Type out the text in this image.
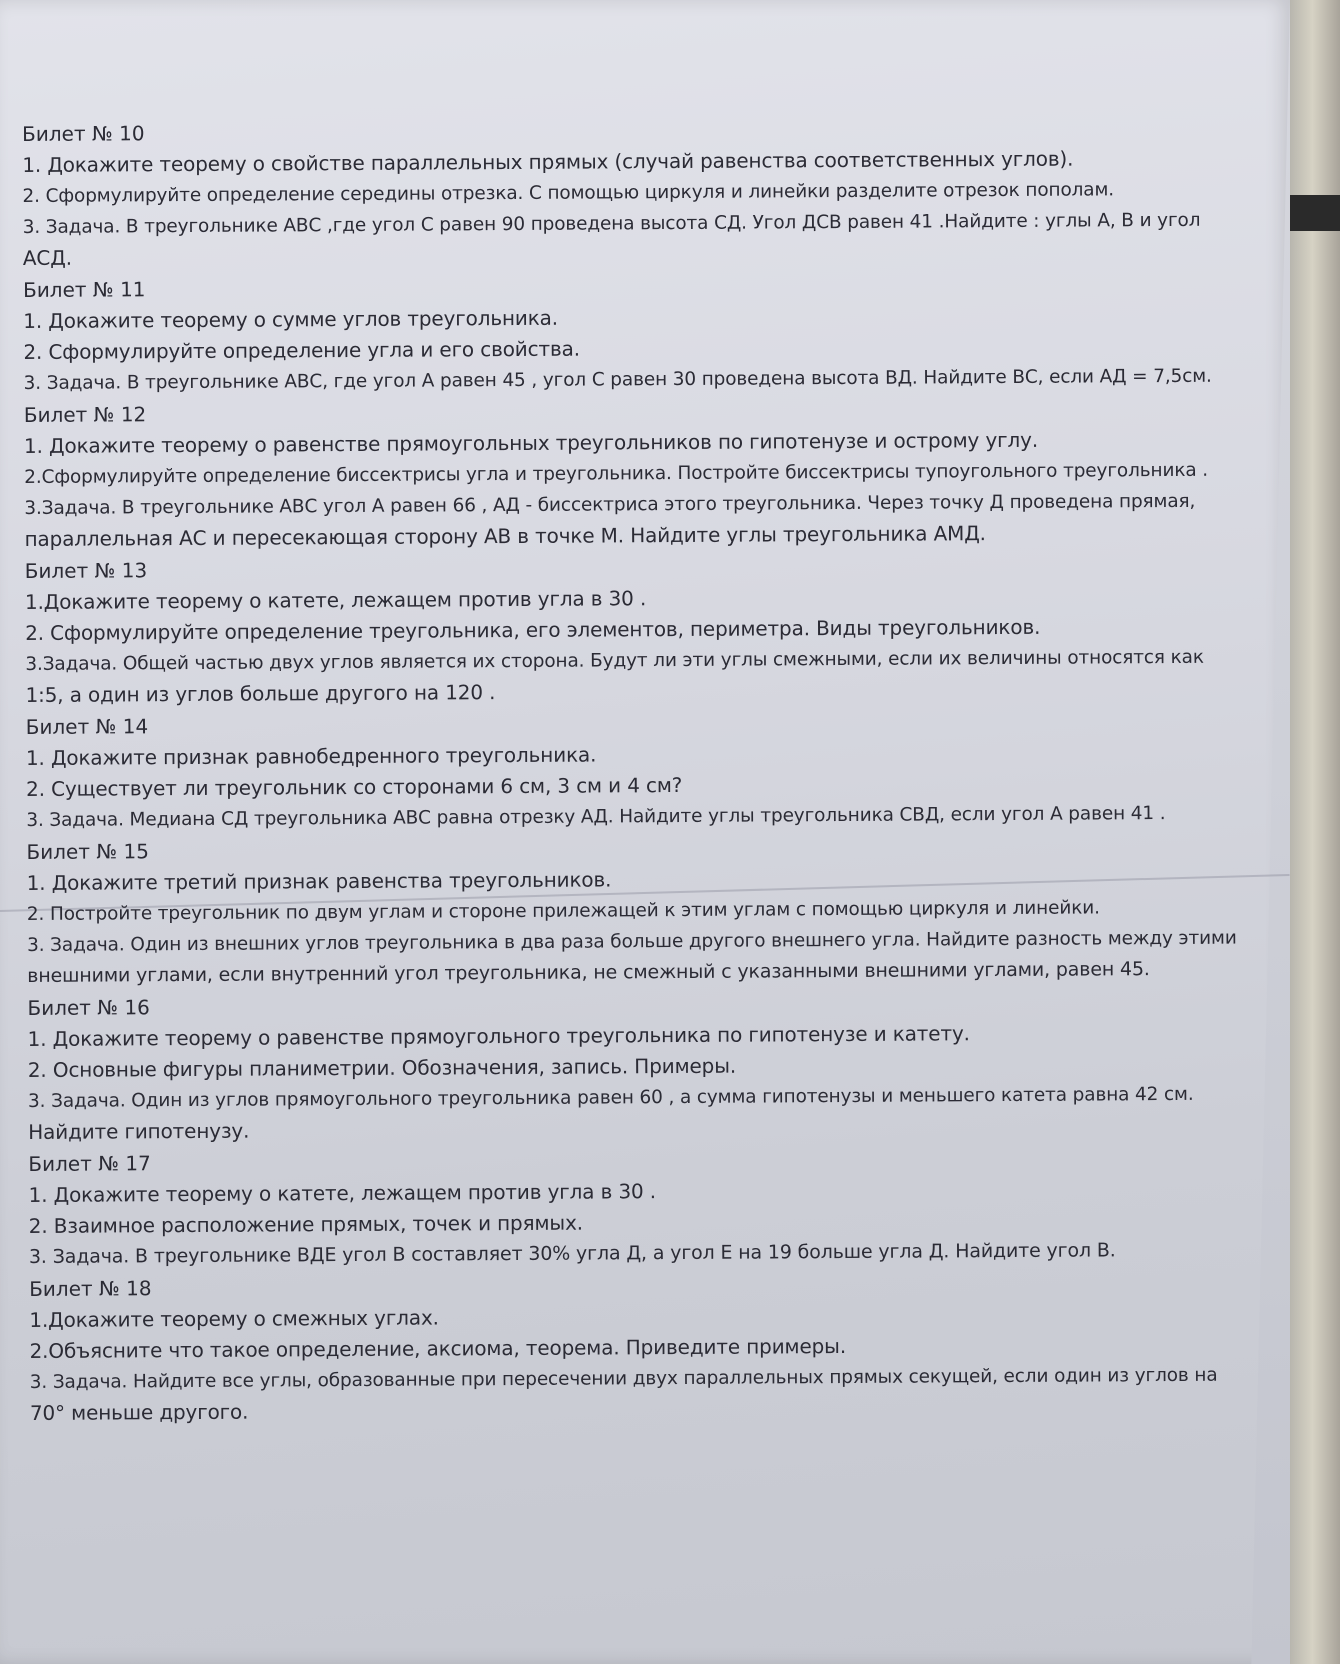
Билет № 10
1. Докажите теорему о свойстве параллельных прямых (случай равенства соответственных углов).
2. Сформулируйте определение середины отрезка. С помощью циркуля и линейки разделите отрезок пополам.
3. Задача. В треугольнике АВС ,где угол С равен 90 проведена высота СД. Угол ДСВ равен 41 .Найдите : углы А, В и угол
АСД.
Билет № 11
1. Докажите теорему о сумме углов треугольника.
2. Сформулируйте определение угла и его свойства.
3. Задача. В треугольнике АВС, где угол А равен 45 , угол С равен 30 проведена высота ВД. Найдите ВС, если АД = 7,5см.
Билет № 12
1. Докажите теорему о равенстве прямоугольных треугольников по гипотенузе и острому углу.
2.Сформулируйте определение биссектрисы угла и треугольника. Постройте биссектрисы тупоугольного треугольника .
3.Задача. В треугольнике АВС угол А равен 66 , АД - биссектриса этого треугольника. Через точку Д проведена прямая,
параллельная АС и пересекающая сторону АВ в точке М. Найдите углы треугольника АМД.
Билет № 13
1.Докажите теорему о катете, лежащем против угла в 30 .
2. Сформулируйте определение треугольника, его элементов, периметра. Виды треугольников.
3.Задача. Общей частью двух углов является их сторона. Будут ли эти углы смежными, если их величины относятся как
1:5, а один из углов больше другого на 120 .
Билет № 14
1. Докажите признак равнобедренного треугольника.
2. Существует ли треугольник со сторонами 6 см, 3 см и 4 см?
3. Задача. Медиана СД треугольника АВС равна отрезку АД. Найдите углы треугольника СВД, если угол А равен 41 .
Билет № 15
1. Докажите третий признак равенства треугольников.
2. Постройте треугольник по двум углам и стороне прилежащей к этим углам с помощью циркуля и линейки.
3. Задача. Один из внешних углов треугольника в два раза больше другого внешнего угла. Найдите разность между этими
внешними углами, если внутренний угол треугольника, не смежный с указанными внешними углами, равен 45.
Билет № 16
1. Докажите теорему о равенстве прямоугольного треугольника по гипотенузе и катету.
2. Основные фигуры планиметрии. Обозначения, запись. Примеры.
3. Задача. Один из углов прямоугольного треугольника равен 60 , а сумма гипотенузы и меньшего катета равна 42 см.
Найдите гипотенузу.
Билет № 17
1. Докажите теорему о катете, лежащем против угла в 30 .
2. Взаимное расположение прямых, точек и прямых.
3. Задача. В треугольнике ВДЕ угол В составляет 30% угла Д, а угол Е на 19 больше угла Д. Найдите угол В.
Билет № 18
1.Докажите теорему о смежных углах.
2.Объясните что такое определение, аксиома, теорема. Приведите примеры.
3. Задача. Найдите все углы, образованные при пересечении двух параллельных прямых секущей, если один из углов на
70° меньше другого.
